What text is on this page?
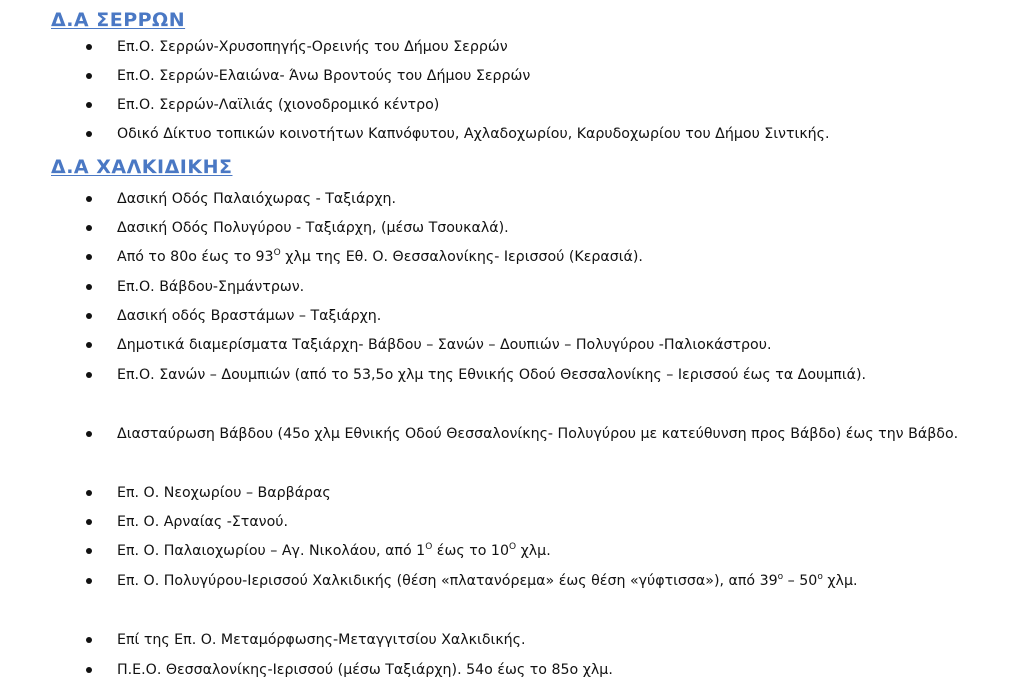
Δ.Α ΣΕΡΡΩΝ
Επ.Ο. Σερρών-Χρυσοπηγής-Ορεινής του Δήμου Σερρών
Επ.Ο. Σερρών-Ελαιώνα- Άνω Βροντούς του Δήμου Σερρών
Επ.Ο. Σερρών-Λαϊλιάς (χιονοδρομικό κέντρο)
Οδικό Δίκτυο τοπικών κοινοτήτων Καπνόφυτου, Αχλαδοχωρίου, Καρυδοχωρίου του Δήμου Σιντικής.
Δ.Α ΧΑΛΚΙΔΙΚΗΣ
Δασική Οδός Παλαιόχωρας - Ταξιάρχη.
Δασική Οδός Πολυγύρου - Ταξιάρχη, (μέσω Τσουκαλά).
Από το 80ο έως το $93^O$ χλμ της Εθ. Ο. Θεσσαλονίκης- Ιερισσού (Κερασιά).
Επ.Ο. Βάβδου-Σημάντρων.
Δασική οδός Βραστάμων – Ταξιάρχη.
Δημοτικά διαμερίσματα Ταξιάρχη- Βάβδου – Σανών – Δουπιών – Πολυγύρου -Παλιοκάστρου.
Επ.Ο. Σανών – Δουμπιών (από το 53,5ο χλμ της Εθνικής Οδού Θεσσαλονίκης – Ιερισσού έως τα Δουμπιά).
Διασταύρωση Βάβδου (45ο χλμ Εθνικής Οδού Θεσσαλονίκης- Πολυγύρου με κατεύθυνση προς Βάβδο) έως την Βάβδο.
Επ. Ο. Νεοχωρίου – Βαρβάρας
Επ. Ο. Αρναίας -Στανού.
Επ. Ο. Παλαιοχωρίου – Αγ. Νικολάου, από $1^O$ έως το $10^O$ χλμ.
Επ. Ο. Πολυγύρου-Ιερισσού Χαλκιδικής (θέση «πλατανόρεμα» έως θέση «γύφτισσα»), από $39^o - 50^o$ χλμ.
Επί της Επ. Ο. Μεταμόρφωσης-Μεταγγιτσίου Χαλκιδικής.
Π.Ε.Ο. Θεσσαλονίκης-Ιερισσού (μέσω Ταξιάρχη). 54ο έως το 85ο χλμ.
